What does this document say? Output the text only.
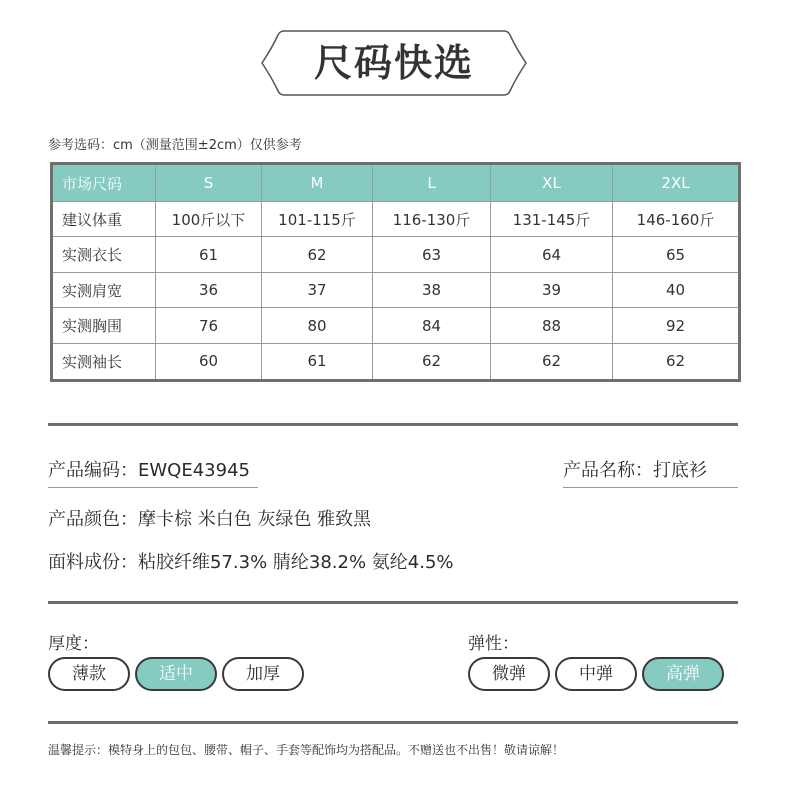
尺码快选
参考选码：cm（测量范围±2cm）仅供参考
市场尺码	S	M	L	XL	2XL
建议体重	100斤以下	101-115斤	116-130斤	131-145斤	146-160斤
实测衣长	61	62	63	64	65
实测肩宽	36	37	38	39	40
实测胸围	76	80	84	88	92
实测袖长	60	61	62	62	62
产品编码：EWQE43945	产品名称：打底衫
产品颜色：摩卡棕 米白色 灰绿色 雅致黑
面料成份：粘胶纤维57.3% 腈纶38.2% 氨纶4.5%
厚度：
薄款	适中	加厚
弹性：
微弹	中弹	高弹
温馨提示：模特身上的包包、腰带、帽子、手套等配饰均为搭配品。不赠送也不出售！敬请谅解！
